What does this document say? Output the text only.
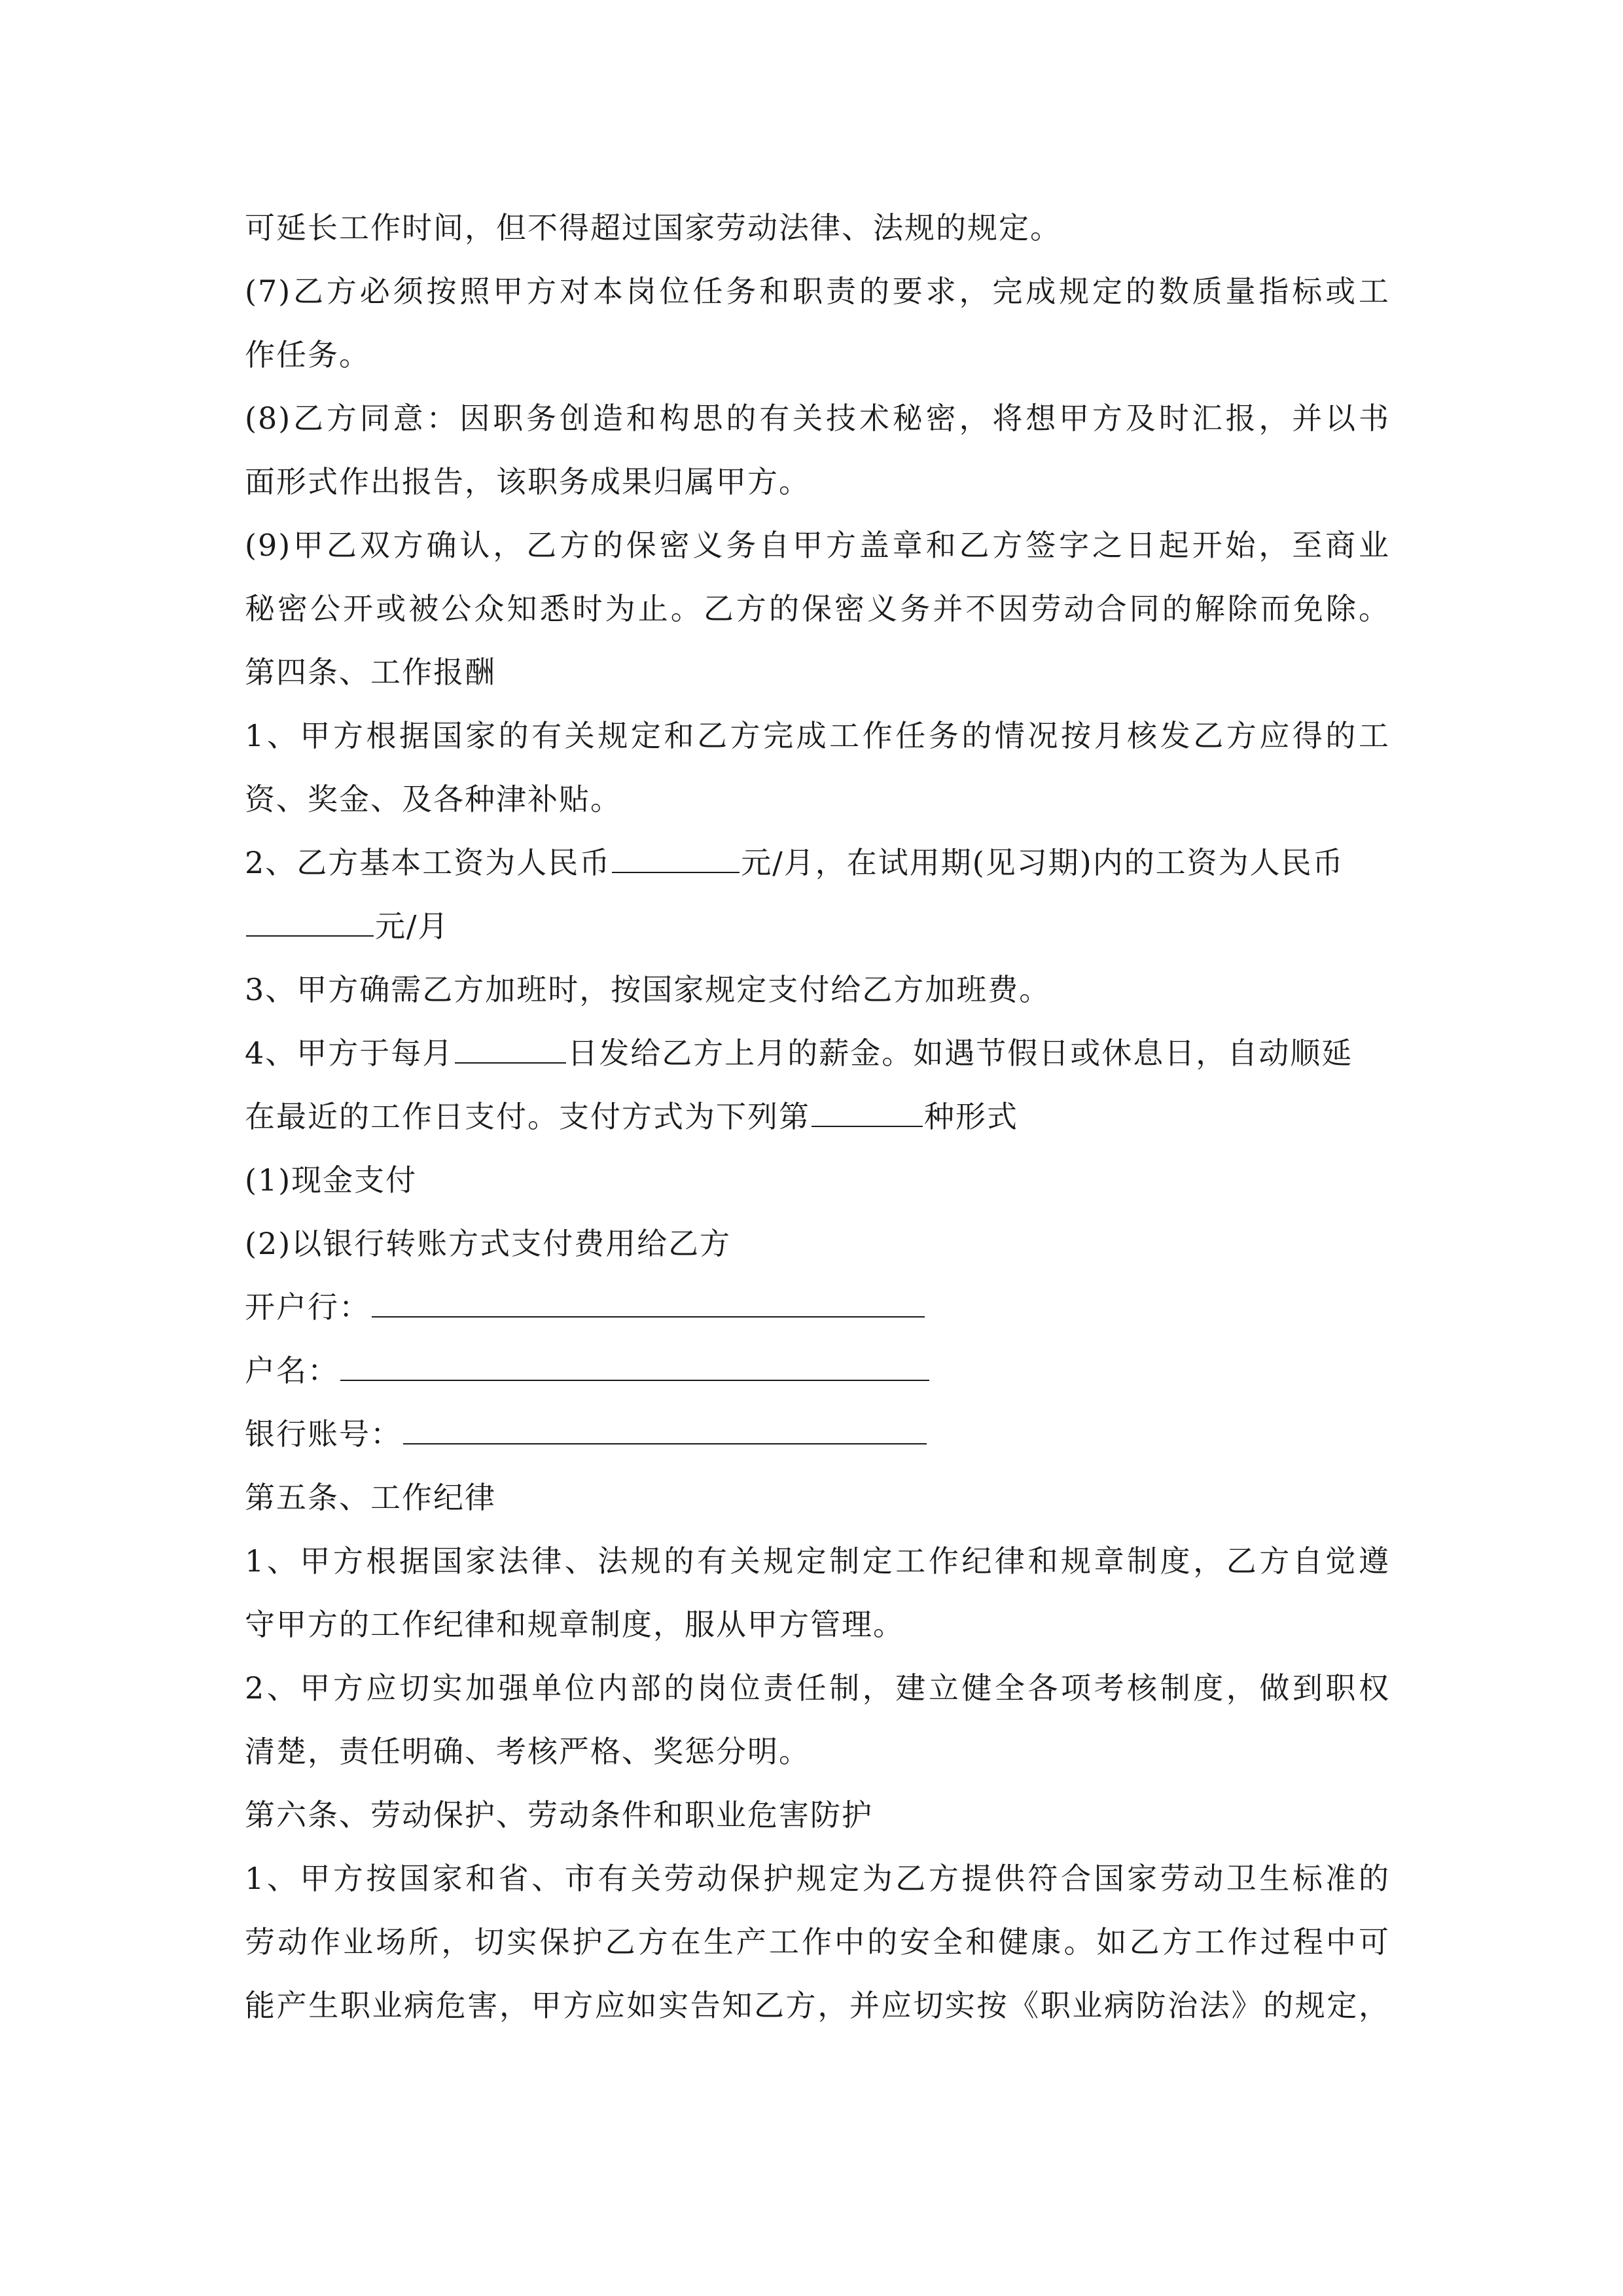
可延长工作时间，但不得超过国家劳动法律、法规的规定。
(7)乙方必须按照甲方对本岗位任务和职责的要求，完成规定的数质量指标或工
作任务。
(8)乙方同意：因职务创造和构思的有关技术秘密，将想甲方及时汇报，并以书
面形式作出报告，该职务成果归属甲方。
(9)甲乙双方确认，乙方的保密义务自甲方盖章和乙方签字之日起开始，至商业
秘密公开或被公众知悉时为止。乙方的保密义务并不因劳动合同的解除而免除。
第四条、工作报酬
1、甲方根据国家的有关规定和乙方完成工作任务的情况按月核发乙方应得的工
资、奖金、及各种津补贴。
2、乙方基本工资为人民币	元/月，在试用期(见习期)内的工资为人民币
元/月
3、甲方确需乙方加班时，按国家规定支付给乙方加班费。
4、甲方于每月	日发给乙方上月的薪金。如遇节假日或休息日，自动顺延
在最近的工作日支付。支付方式为下列第	种形式
(1)现金支付
(2)以银行转账方式支付费用给乙方
开户行：
户名：
银行账号：
第五条、工作纪律
1、甲方根据国家法律、法规的有关规定制定工作纪律和规章制度，乙方自觉遵
守甲方的工作纪律和规章制度，服从甲方管理。
2、甲方应切实加强单位内部的岗位责任制，建立健全各项考核制度，做到职权
清楚，责任明确、考核严格、奖惩分明。
第六条、劳动保护、劳动条件和职业危害防护
1、甲方按国家和省、市有关劳动保护规定为乙方提供符合国家劳动卫生标准的
劳动作业场所，切实保护乙方在生产工作中的安全和健康。如乙方工作过程中可
能产生职业病危害，甲方应如实告知乙方，并应切实按《职业病防治法》的规定，
